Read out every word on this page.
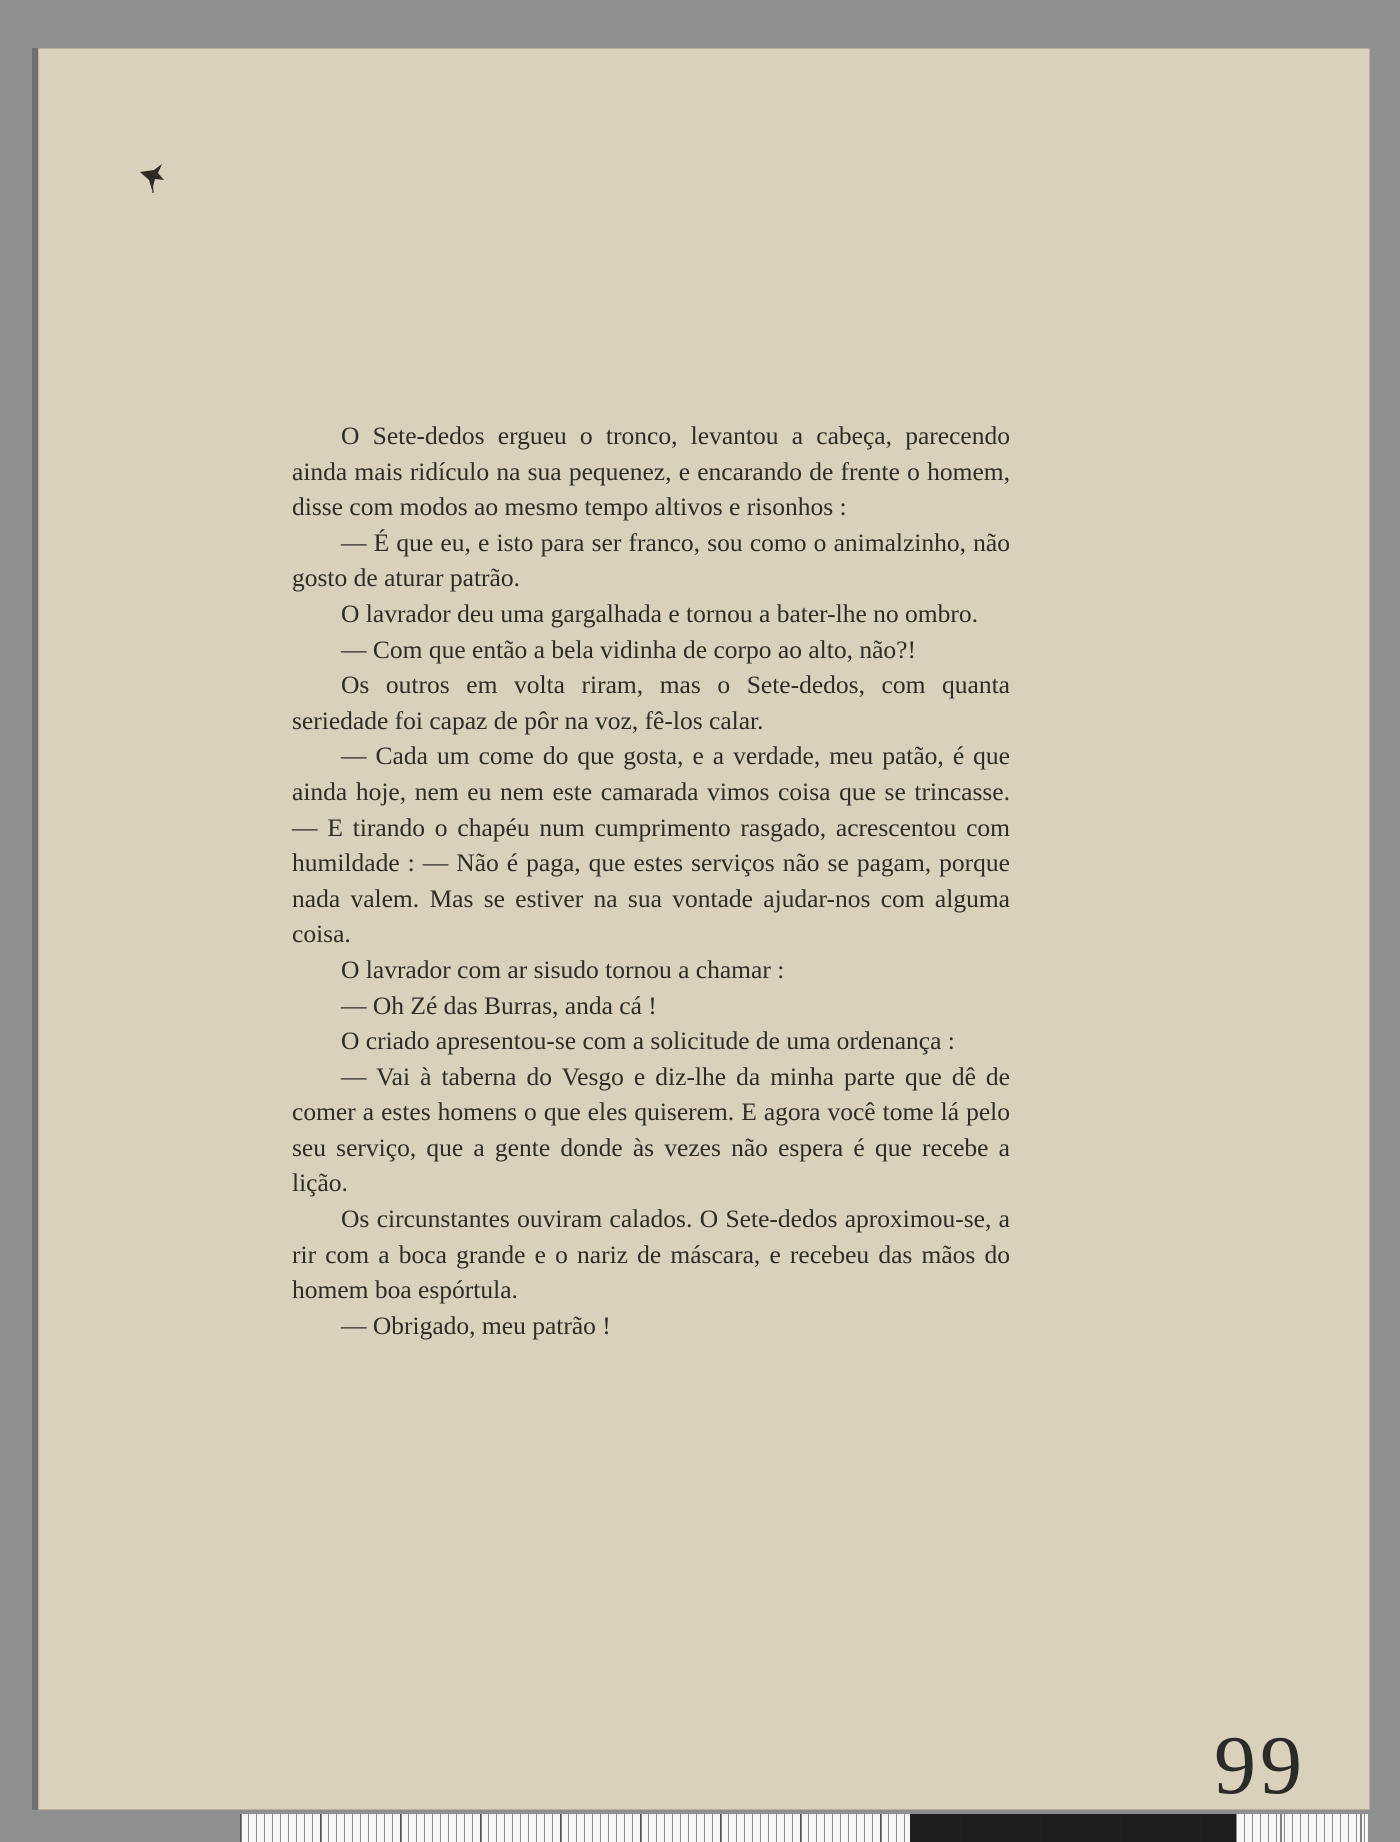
O Sete-dedos ergueu o tronco, levantou a cabeça, parecendo ainda mais ridículo na sua pequenez, e encarando de frente o homem, disse com modos ao mesmo tempo altivos e risonhos :

— É que eu, e isto para ser franco, sou como o animalzinho, não gosto de aturar patrão.

O lavrador deu uma gargalhada e tornou a bater-lhe no ombro.

— Com que então a bela vidinha de corpo ao alto, não?!

Os outros em volta riram, mas o Sete-dedos, com quanta seriedade foi capaz de pôr na voz, fê-los calar.

— Cada um come do que gosta, e a verdade, meu patão, é que ainda hoje, nem eu nem este camarada vimos coisa que se trincasse. — E tirando o chapéu num cumprimento rasgado, acrescentou com humildade : — Não é paga, que estes serviços não se pagam, porque nada valem. Mas se estiver na sua vontade ajudar-nos com alguma coisa.

O lavrador com ar sisudo tornou a chamar :

— Oh Zé das Burras, anda cá !

O criado apresentou-se com a solicitude de uma ordenança :

— Vai à taberna do Vesgo e diz-lhe da minha parte que dê de comer a estes homens o que eles quiserem. E agora você tome lá pelo seu serviço, que a gente donde às vezes não espera é que recebe a lição.

Os circunstantes ouviram calados. O Sete-dedos aproximou-se, a rir com a boca grande e o nariz de máscara, e recebeu das mãos do homem boa espórtula.

— Obrigado, meu patrão !

99
